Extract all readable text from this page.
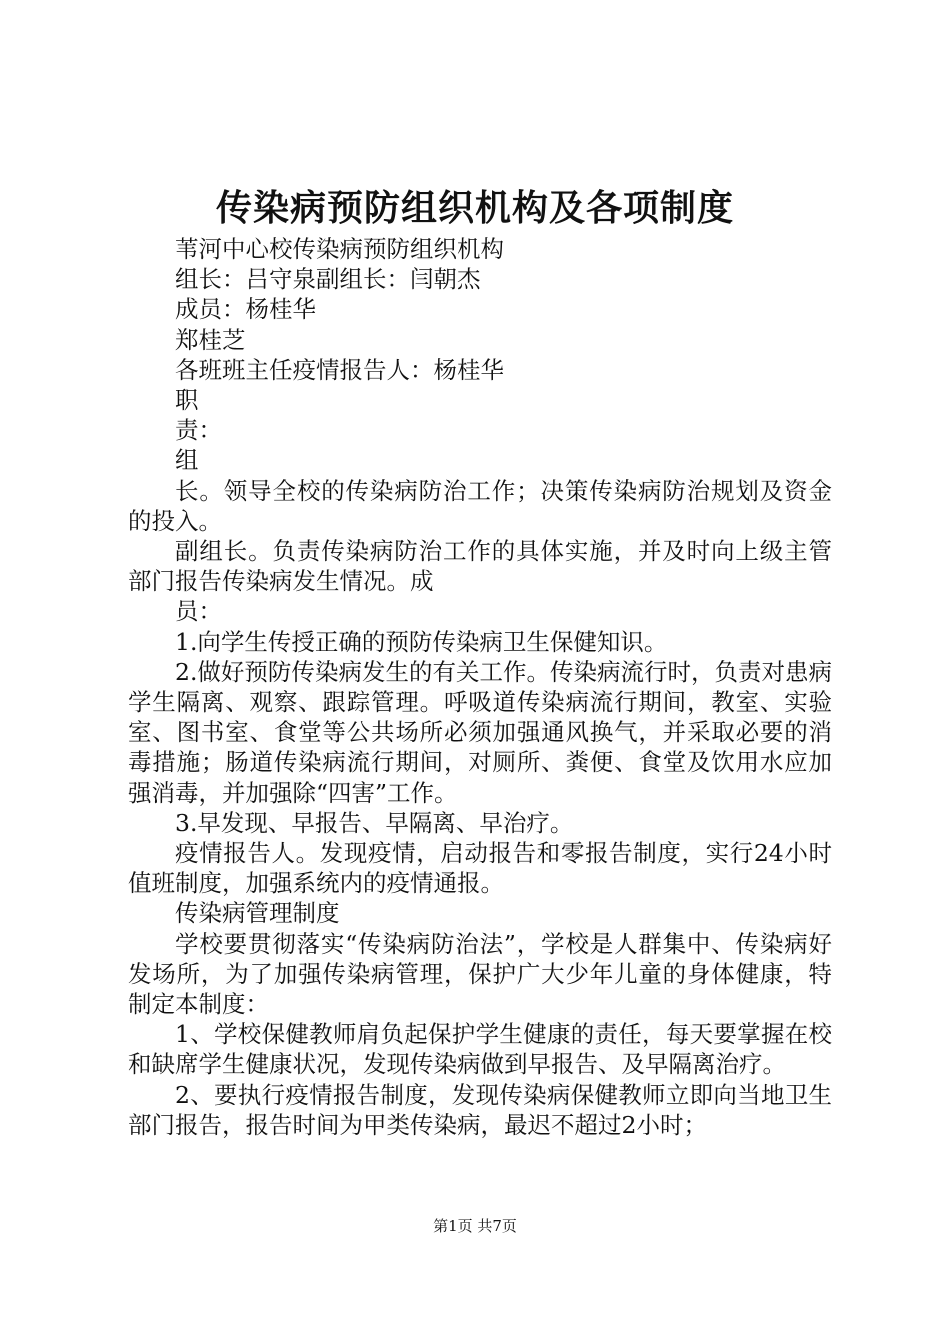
传染病预防组织机构及各项制度

苇河中心校传染病预防组织机构

组长：吕守泉副组长：闫朝杰

成员：杨桂华

郑桂芝

各班班主任疫情报告人：杨桂华

职

责：

组

长。领导全校的传染病防治工作；决策传染病防治规划及资金的投入。

副组长。负责传染病防治工作的具体实施，并及时向上级主管部门报告传染病发生情况。成

员：

1.向学生传授正确的预防传染病卫生保健知识。

2.做好预防传染病发生的有关工作。传染病流行时，负责对患病学生隔离、观察、跟踪管理。呼吸道传染病流行期间，教室、实验室、图书室、食堂等公共场所必须加强通风换气，并采取必要的消毒措施；肠道传染病流行期间，对厕所、粪便、食堂及饮用水应加强消毒，并加强除“四害”工作。

3.早发现、早报告、早隔离、早治疗。

疫情报告人。发现疫情，启动报告和零报告制度，实行24小时值班制度，加强系统内的疫情通报。

传染病管理制度

学校要贯彻落实“传染病防治法”，学校是人群集中、传染病好发场所，为了加强传染病管理，保护广大少年儿童的身体健康，特制定本制度：

1、学校保健教师肩负起保护学生健康的责任，每天要掌握在校和缺席学生健康状况，发现传染病做到早报告、及早隔离治疗。

2、要执行疫情报告制度，发现传染病保健教师立即向当地卫生部门报告，报告时间为甲类传染病，最迟不超过2小时；

第1页 共7页
